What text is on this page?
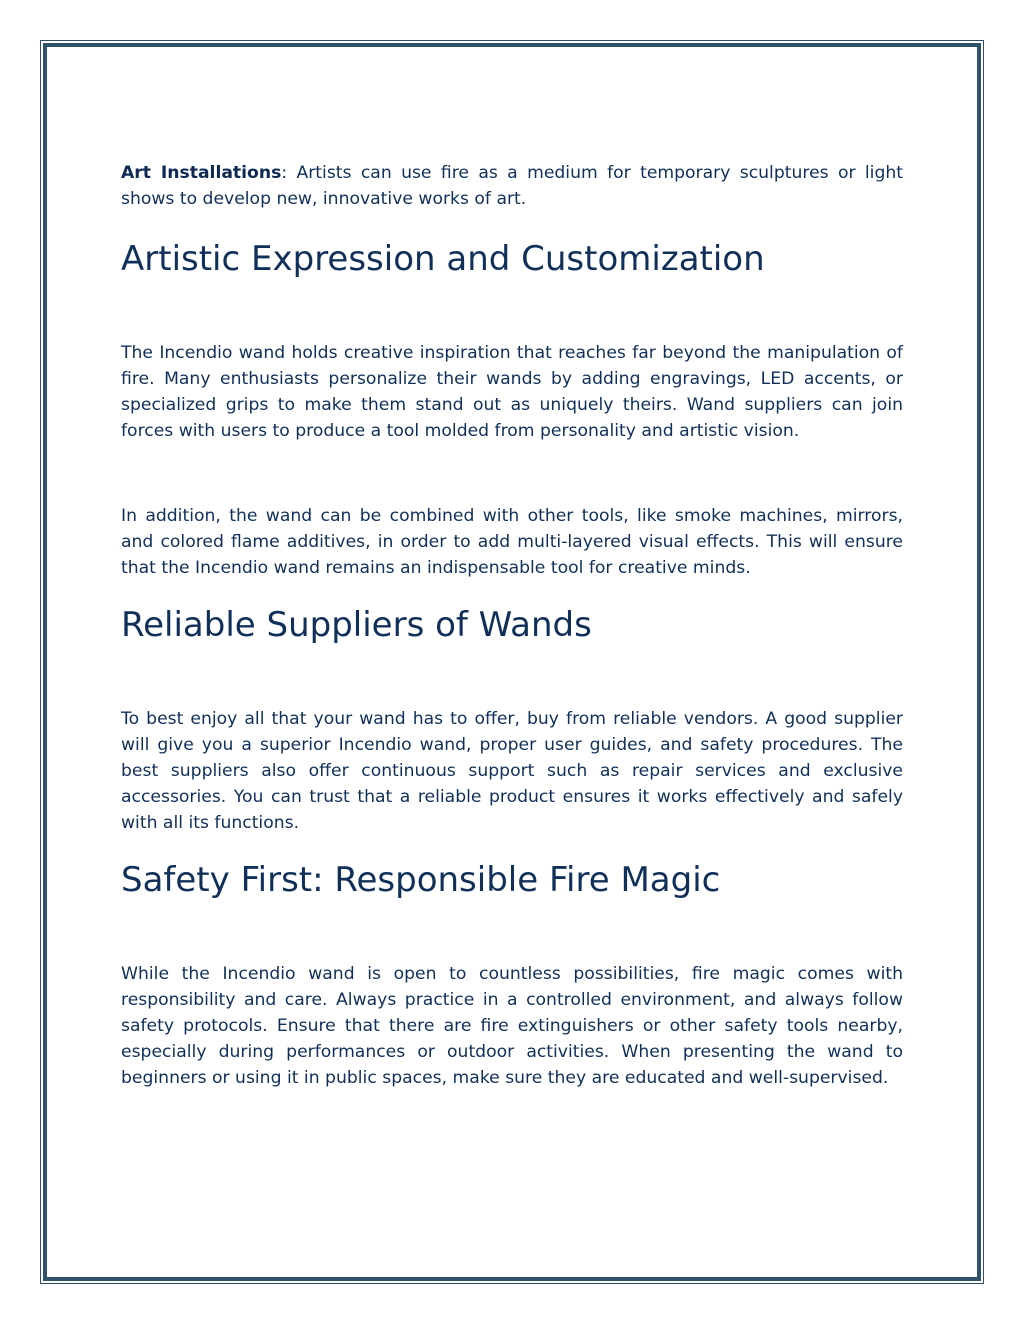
Art Installations: Artists can use fire as a medium for temporary sculptures or light shows to develop new, innovative works of art.

Artistic Expression and Customization

The Incendio wand holds creative inspiration that reaches far beyond the manipulation of fire. Many enthusiasts personalize their wands by adding engravings, LED accents, or specialized grips to make them stand out as uniquely theirs. Wand suppliers can join forces with users to produce a tool molded from personality and artistic vision.

In addition, the wand can be combined with other tools, like smoke machines, mirrors, and colored flame additives, in order to add multi-layered visual effects. This will ensure that the Incendio wand remains an indispensable tool for creative minds.

Reliable Suppliers of Wands

To best enjoy all that your wand has to offer, buy from reliable vendors. A good supplier will give you a superior Incendio wand, proper user guides, and safety procedures. The best suppliers also offer continuous support such as repair services and exclusive accessories. You can trust that a reliable product ensures it works effectively and safely with all its functions.

Safety First: Responsible Fire Magic

While the Incendio wand is open to countless possibilities, fire magic comes with responsibility and care. Always practice in a controlled environment, and always follow safety protocols. Ensure that there are fire extinguishers or other safety tools nearby, especially during performances or outdoor activities. When presenting the wand to beginners or using it in public spaces, make sure they are educated and well-supervised.
